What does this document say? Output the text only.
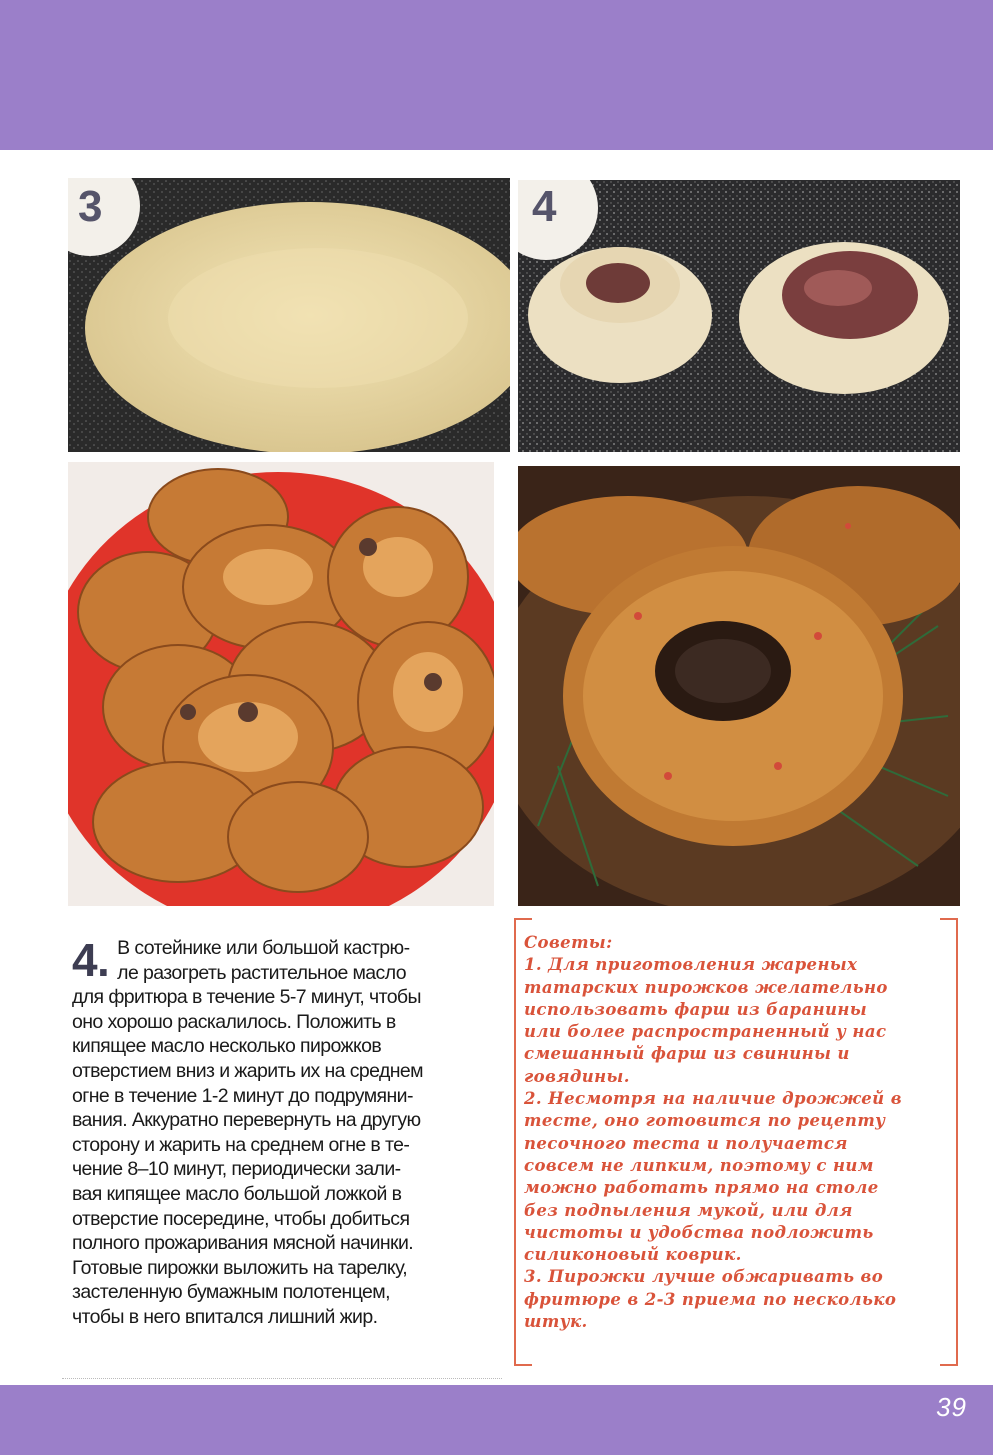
3	4
4. В сотейнике или большой кастрю-
ле разогреть растительное масло
для фритюра в течение 5-7 минут, чтобы
оно хорошо раскалилось. Положить в
кипящее масло несколько пирожков
отверстием вниз и жарить их на среднем
огне в течение 1-2 минут до подрумяни-
вания. Аккуратно перевернуть на другую
сторону и жарить на среднем огне в те-
чение 8–10 минут, периодически зали-
вая кипящее масло большой ложкой в
отверстие посередине, чтобы добиться
полного прожаривания мясной начинки.
Готовые пирожки выложить на тарелку,
застеленную бумажным полотенцем,
чтобы в него впитался лишний жир.
Советы:
1. Для приготовления жареных
татарских пирожков желательно
использовать фарш из баранины
или более распространенный у нас
смешанный фарш из свинины и
говядины.
2. Несмотря на наличие дрожжей в
тесте, оно готовится по рецепту
песочного теста и получается
совсем не липким, поэтому с ним
можно работать прямо на столе
без подпыления мукой, или для
чистоты и удобства подложить
силиконовый коврик.
3. Пирожки лучше обжаривать во
фритюре в 2-3 приема по несколько
штук.
39
